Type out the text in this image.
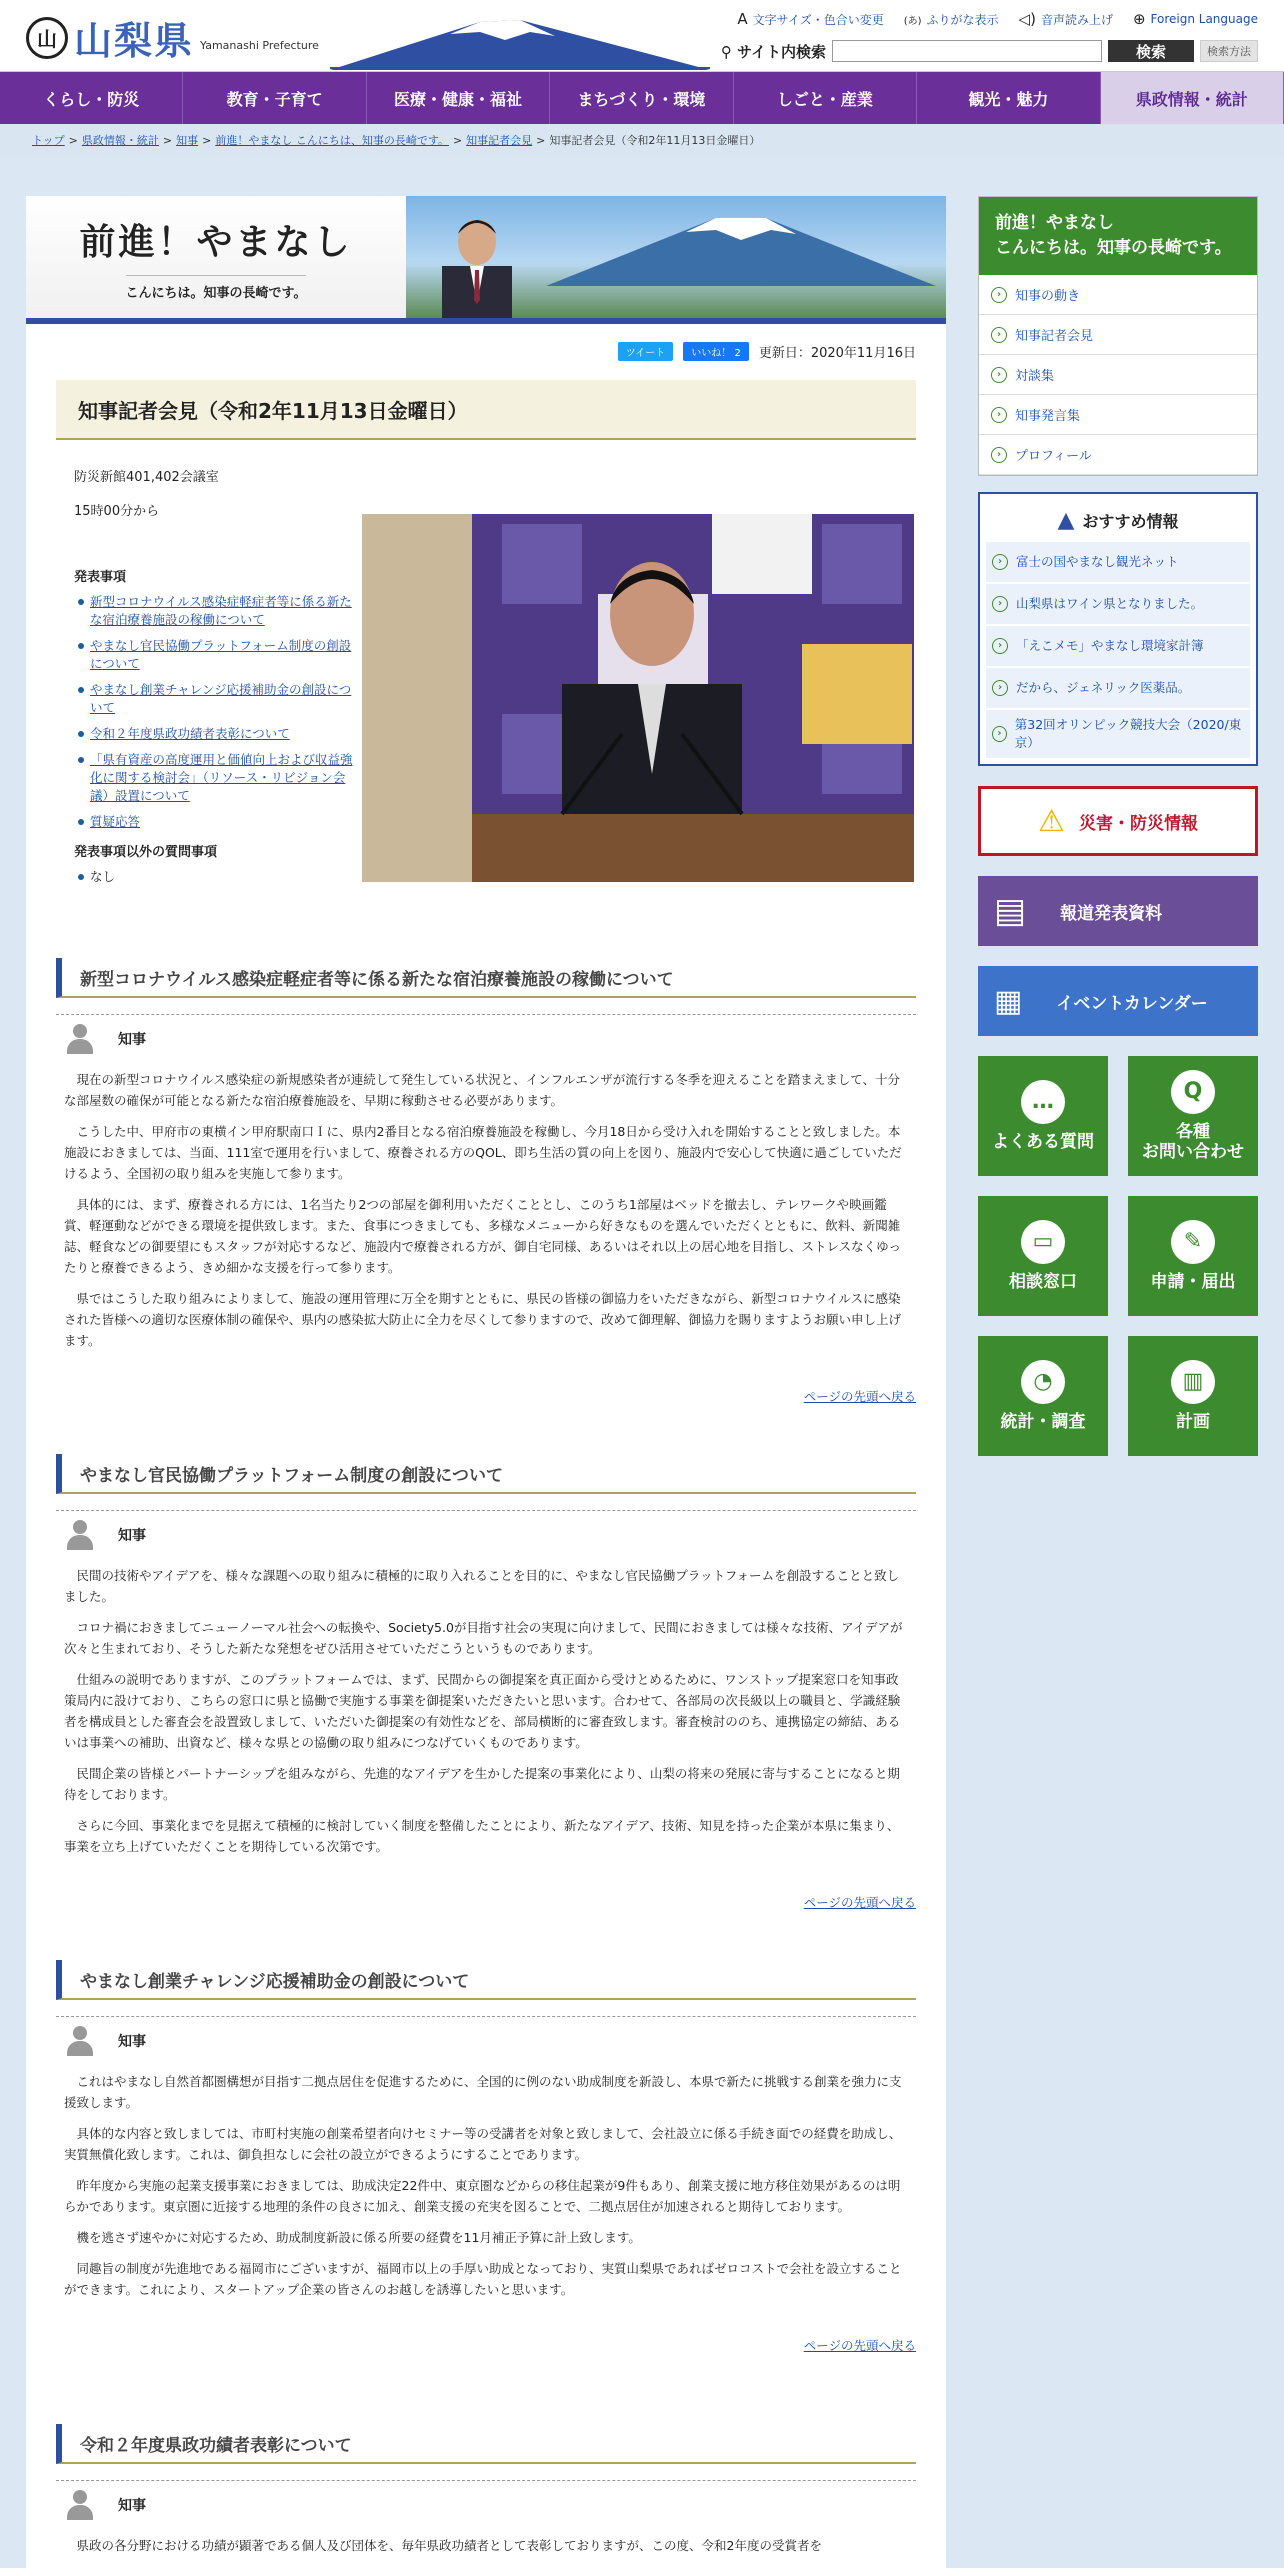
山 山梨県 Yamanashi Prefecture
A 文字サイズ・色合い変更 (あ) ふりがな表示 ◁) 音声読み上げ ⊕ Foreign Language
⚲ サイト内検索	検索	検索方法
くらし・防災	教育・子育て	医療・健康・福祉	まちづくり・環境	しごと・産業	観光・魅力	県政情報・統計
トップ > 県政情報・統計 > 知事 > 前進！やまなし こんにちは、知事の長崎です。 > 知事記者会見 > 知事記者会見（令和2年11月13日金曜日）
前進！やまなし
こんにちは。知事の長崎です。
ツイート	いいね！ 2	更新日：2020年11月16日
知事記者会見（令和2年11月13日金曜日）
防災新館401,402会議室
15時00分から
発表事項
新型コロナウイルス感染症軽症者等に係る新たな宿泊療養施設の稼働について
やまなし官民協働プラットフォーム制度の創設について
やまなし創業チャレンジ応援補助金の創設について
令和２年度県政功績者表彰について
「県有資産の高度運用と価値向上および収益強化に関する検討会」（リソース・リビジョン会議）設置について
質疑応答
発表事項以外の質問事項
なし
新型コロナウイルス感染症軽症者等に係る新たな宿泊療養施設の稼働について
知事

現在の新型コロナウイルス感染症の新規感染者が連続して発生している状況と、インフルエンザが流行する冬季を迎えることを踏まえまして、十分な部屋数の確保が可能となる新たな宿泊療養施設を、早期に稼動させる必要があります。

こうした中、甲府市の東横イン甲府駅南口Ｉに、県内2番目となる宿泊療養施設を稼働し、今月18日から受け入れを開始することと致しました。本施設におきましては、当面、111室で運用を行いまして、療養される方のQOL、即ち生活の質の向上を図り、施設内で安心して快適に過ごしていただけるよう、全国初の取り組みを実施して参ります。

具体的には、まず、療養される方には、1名当たり2つの部屋を御利用いただくこととし、このうち1部屋はベッドを撤去し、テレワークや映画鑑賞、軽運動などができる環境を提供致します。また、食事につきましても、多様なメニューから好きなものを選んでいただくとともに、飲料、新聞雑誌、軽食などの御要望にもスタッフが対応するなど、施設内で療養される方が、御自宅同様、あるいはそれ以上の居心地を目指し、ストレスなくゆったりと療養できるよう、きめ細かな支援を行って参ります。

県ではこうした取り組みによりまして、施設の運用管理に万全を期すとともに、県民の皆様の御協力をいただきながら、新型コロナウイルスに感染された皆様への適切な医療体制の確保や、県内の感染拡大防止に全力を尽くして参りますので、改めて御理解、御協力を賜りますようお願い申し上げます。

ページの先頭へ戻る
やまなし官民協働プラットフォーム制度の創設について
知事

民間の技術やアイデアを、様々な課題への取り組みに積極的に取り入れることを目的に、やまなし官民協働プラットフォームを創設することと致しました。

コロナ禍におきましてニューノーマル社会への転換や、Society5.0が目指す社会の実現に向けまして、民間におきましては様々な技術、アイデアが次々と生まれており、そうした新たな発想をぜひ活用させていただこうというものであります。

仕組みの説明でありますが、このプラットフォームでは、まず、民間からの御提案を真正面から受けとめるために、ワンストップ提案窓口を知事政策局内に設けており、こちらの窓口に県と協働で実施する事業を御提案いただきたいと思います。合わせて、各部局の次長級以上の職員と、学識経験者を構成員とした審査会を設置致しまして、いただいた御提案の有効性などを、部局横断的に審査致します。審査検討ののち、連携協定の締結、あるいは事業への補助、出資など、様々な県との協働の取り組みにつなげていくものであります。

民間企業の皆様とパートナーシップを組みながら、先進的なアイデアを生かした提案の事業化により、山梨の将来の発展に寄与することになると期待をしております。

さらに今回、事業化までを見据えて積極的に検討していく制度を整備したことにより、新たなアイデア、技術、知見を持った企業が本県に集まり、事業を立ち上げていただくことを期待している次第です。

ページの先頭へ戻る
やまなし創業チャレンジ応援補助金の創設について
知事

これはやまなし自然首都圏構想が目指す二拠点居住を促進するために、全国的に例のない助成制度を新設し、本県で新たに挑戦する創業を強力に支援致します。

具体的な内容と致しましては、市町村実施の創業希望者向けセミナー等の受講者を対象と致しまして、会社設立に係る手続き面での経費を助成し、実質無償化致します。これは、御負担なしに会社の設立ができるようにすることであります。

昨年度から実施の起業支援事業におきましては、助成決定22件中、東京圏などからの移住起業が9件もあり、創業支援に地方移住効果があるのは明らかであります。東京圏に近接する地理的条件の良さに加え、創業支援の充実を図ることで、二拠点居住が加速されると期待しております。

機を逃さず速やかに対応するため、助成制度新設に係る所要の経費を11月補正予算に計上致します。

同趣旨の制度が先進地である福岡市にございますが、福岡市以上の手厚い助成となっており、実質山梨県であればゼロコストで会社を設立することができます。これにより、スタートアップ企業の皆さんのお越しを誘導したいと思います。

ページの先頭へ戻る
令和２年度県政功績者表彰について
知事

県政の各分野における功績が顕著である個人及び団体を、毎年県政功績者として表彰しておりますが、この度、令和2年度の受賞者を

前進！やまなし
こんにちは。知事の長崎です。
›	知事の動き
›	知事記者会見
›	対談集
›	知事発言集
›	プロフィール
▲ おすすめ情報
›	富士の国やまなし観光ネット
›	山梨県はワイン県となりました。
›	「えこメモ」やまなし環境家計簿
›	だから、ジェネリック医薬品。
›
第32回オリンピック競技大会（2020/東京）
⚠ 災害・防災情報
▤ 報道発表資料
▦ イベントカレンダー
…
よくある質問
Q
各種
お問い合わせ
▭
相談窓口
✎
申請・届出
◔
統計・調査
▥
計画
